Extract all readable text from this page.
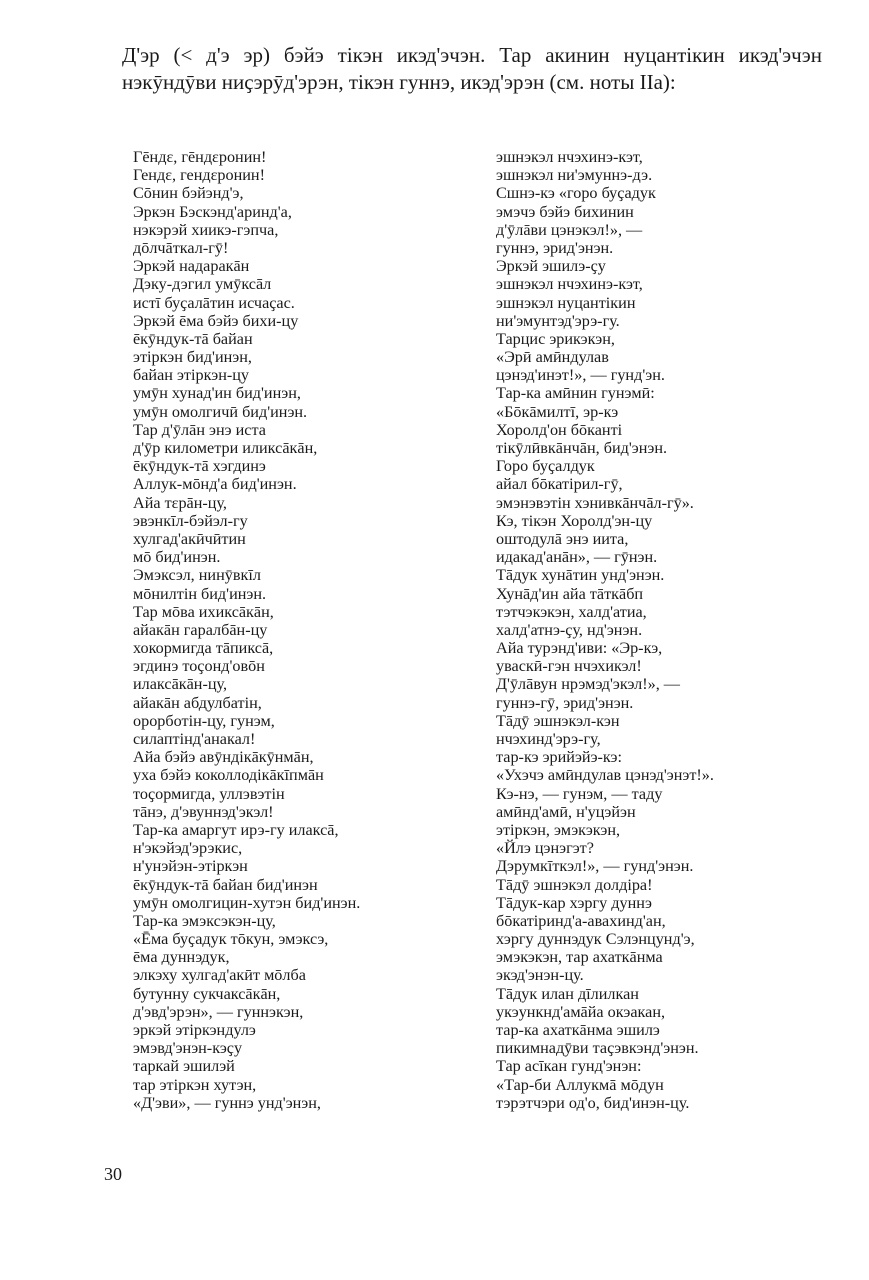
Д'эр (< д'э эр) бэйэ тікэн икэд'эчэн. Тар акинин нуцантікин икэд'эчэн нэкӯндӯви ниҫэрӯд'эрэн, тікэн гуннэ, икэд'эрэн (см. ноты IIа):

Гēндε, гēндεронин!
Гендε, гендεронин!
Сōнин бэйэнд'э,
Эркэн Бэскэнд'аринд'а,
нэкэрэй хиикэ-гэпча,
дōлчāткал-гӯ!
Эркэй надаракāн
Дэку-дэгил умӯксāл
истī буҫалāтин исчаҫас.
Эркэй ēма бэйэ бихи-цу
ēкӯндук-тā байан
этіркэн бид'инэн,
байан этіркэн-цу
умӯн хунад'ин бид'инэн,
умӯн омолгичӣ бид'инэн.
Тар д'ӯлāн энэ иста
д'ӯр километри иликсāкāн,
ēкӯндук-тā хэгдинэ
Аллук-мōнд'а бид'инэн.
Айа тεрāн-цу,
эвэнкīл-бэйэл-гу
хулгад'акӣчӣтин
мō бид'инэн.
Эмэксэл, нинӯвкīл
мōнилтін бид'инэн.
Тар мōва ихиксāкāн,
айакāн гаралбāн-цу
хокормигда тāпиксā,
эгдинэ тоҫонд'овōн
илаксāкāн-цу,
айакāн абдулбатін,
орорботін-цу, гунэм,
силаптінд'анакал!
Айа бэйэ авӯндікāкӯнмāн,
уха бэйэ коколлодікāкīпмāн
тоҫормигда, уллэвэтін
тāнэ, д'эвуннэд'экэл!
Тар-ка амаргут ирэ-гу илаксā,
н'экэйэд'эрэкис,
н'унэйэн-этіркэн
ēкӯндук-тā байан бид'инэн
умӯн омолгицин-хутэн бид'инэн.
Тар-ка эмэксэкэн-цу,
«Ēма буҫадук тōкун, эмэксэ,
ēма дуннэдук,
элкэху хулгад'акӣт мōлба
бутунну сукчаксāкāн,
д'эвд'эрэн», — гуннэкэн,
эркэй этіркэндулэ
эмэвд'энэн-кэҫу
таркай эшилэй
тар этіркэн хутэн,
«Д'эви», — гуннэ унд'энэн,
эшнэкэл нчэхинэ-кэт,
эшнэкэл ни'эмуннэ-дэ.
Сшнэ-кэ «горо буҫадук
эмэчэ бэйэ бихинин
д'ӯлāви цэнэкэл!», —
гуннэ, эрид'энэн.
Эркэй эшилэ-ҫу
эшнэкэл нчэхинэ-кэт,
эшнэкэл нуцантікин
ни'эмунтэд'эрэ-гу.
Тарцис эрикэкэн,
«Эрӣ амӣндулав
цэнэд'инэт!», — гунд'эн.
Тар-ка амӣнин гунэмӣ:
«Бōкāмилтī, эр-кэ
Хоролд'он бōканті
тікӯлӣвкāнчāн, бид'энэн.
Горо буҫалдук
айал бōкатірил-гӯ,
эмэнэвэтін хэнивкāнчāл-гӯ».
Кэ, тікэн Хоролд'эн-цу
оштодулā энэ иита,
идакад'анāн», — гӯнэн.
Тāдук хунāтин унд'энэн.
Хунāд'ин айа тāткāбп
тэтчэкэкэн, халд'атиа,
халд'атнэ-ҫу, нд'энэн.
Айа турэнд'иви: «Эр-кэ,
уваскӣ-гэн нчэхикэл!
Д'ӯлāвун нрэмэд'экэл!», —
гуннэ-гӯ, эрид'энэн.
Тāдӯ эшнэкэл-кэн
нчэхинд'эрэ-гу,
тар-кэ эрийэйэ-кэ:
«Ухэчэ амӣндулав цэнэд'энэт!».
Кэ-нэ, — гунэм, — таду
амӣнд'амӣ, н'уцэйэн
этіркэн, эмэкэкэн,
«Йлэ цэнэгэт?
Дэрумкīткэл!», — гунд'энэн.
Тāдӯ эшнэкэл долдіра!
Тāдук-кар хэргу дуннэ
бōкатіринд'а-авахинд'ан,
хэргу дуннэдук Сэлэнцунд'э,
эмэкэкэн, тар ахаткāнма
экэд'энэн-цу.
Тāдук илан дīлилкан
укэункнд'амāйа окэакан,
тар-ка ахаткāнма эшилэ
пикимнадӯви таҫэвкэнд'энэн.
Тар асīкан гунд'энэн:
«Тар-би Аллукмā мōдун
тэрэтчэри од'о, бид'инэн-цу.
30
